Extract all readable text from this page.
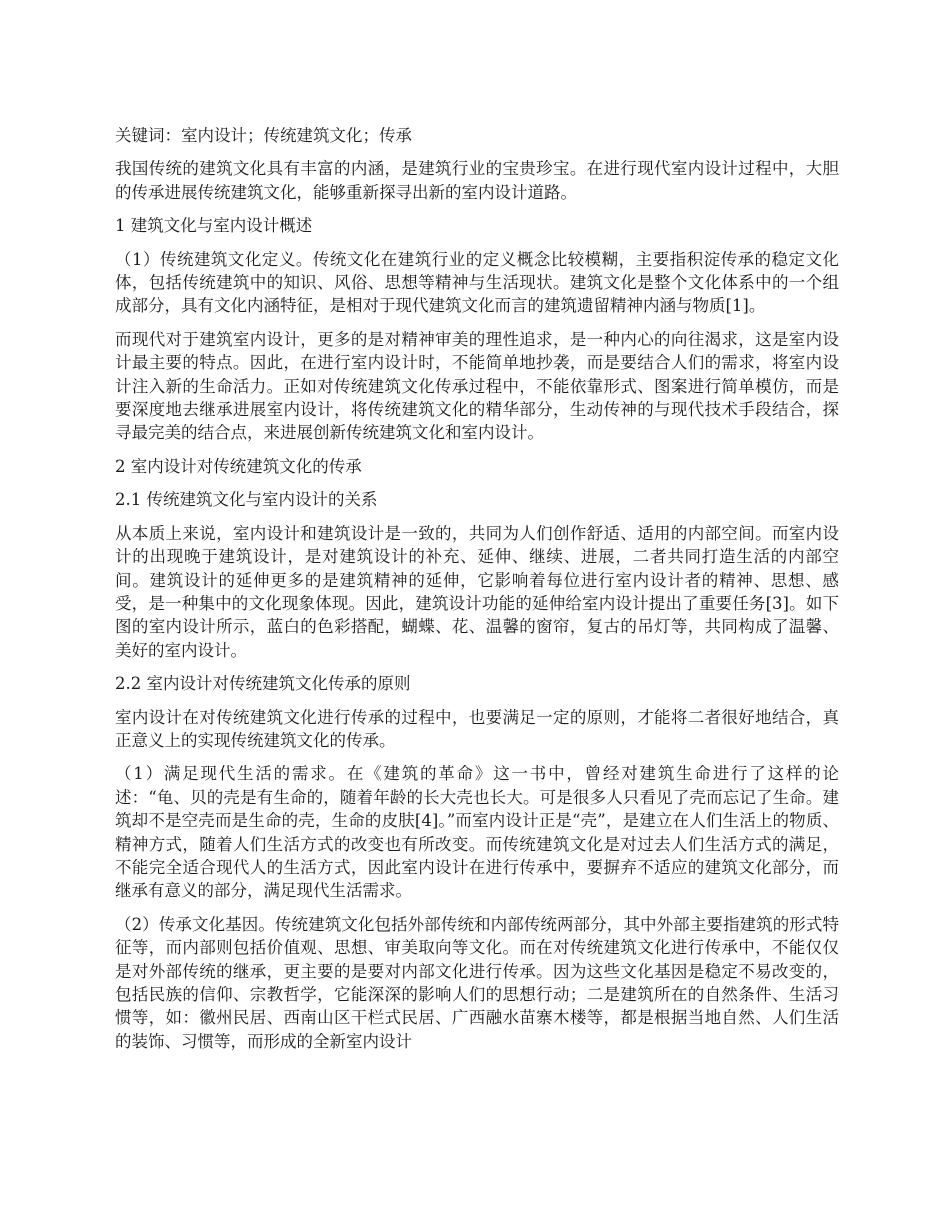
关键词：室内设计；传统建筑文化；传承

我国传统的建筑文化具有丰富的内涵，是建筑行业的宝贵珍宝。在进行现代室内设计过程中，大胆的传承进展传统建筑文化，能够重新探寻出新的室内设计道路。

1 建筑文化与室内设计概述

（1）传统建筑文化定义。传统文化在建筑行业的定义概念比较模糊，主要指积淀传承的稳定文化体，包括传统建筑中的知识、风俗、思想等精神与生活现状。建筑文化是整个文化体系中的一个组成部分，具有文化内涵特征，是相对于现代建筑文化而言的建筑遗留精神内涵与物质[1]。

而现代对于建筑室内设计，更多的是对精神审美的理性追求，是一种内心的向往渴求，这是室内设计最主要的特点。因此，在进行室内设计时，不能简单地抄袭，而是要结合人们的需求，将室内设计注入新的生命活力。正如对传统建筑文化传承过程中，不能依靠形式、图案进行简单模仿，而是要深度地去继承进展室内设计，将传统建筑文化的精华部分，生动传神的与现代技术手段结合，探寻最完美的结合点，来进展创新传统建筑文化和室内设计。

2 室内设计对传统建筑文化的传承

2.1 传统建筑文化与室内设计的关系

从本质上来说，室内设计和建筑设计是一致的，共同为人们创作舒适、适用的内部空间。而室内设计的出现晚于建筑设计，是对建筑设计的补充、延伸、继续、进展，二者共同打造生活的内部空间。建筑设计的延伸更多的是建筑精神的延伸，它影响着每位进行室内设计者的精神、思想、感受，是一种集中的文化现象体现。因此，建筑设计功能的延伸给室内设计提出了重要任务[3]。如下图的室内设计所示，蓝白的色彩搭配，蝴蝶、花、温馨的窗帘，复古的吊灯等，共同构成了温馨、美好的室内设计。

2.2 室内设计对传统建筑文化传承的原则

室内设计在对传统建筑文化进行传承的过程中，也要满足一定的原则，才能将二者很好地结合，真正意义上的实现传统建筑文化的传承。

（1）满足现代生活的需求。在《建筑的革命》这一书中，曾经对建筑生命进行了这样的论述：“龟、贝的壳是有生命的，随着年龄的长大壳也长大。可是很多人只看见了壳而忘记了生命。建筑却不是空壳而是生命的壳，生命的皮肤[4]。”而室内设计正是“壳”，是建立在人们生活上的物质、精神方式，随着人们生活方式的改变也有所改变。而传统建筑文化是对过去人们生活方式的满足，不能完全适合现代人的生活方式，因此室内设计在进行传承中，要摒弃不适应的建筑文化部分，而继承有意义的部分，满足现代生活需求。

（2）传承文化基因。传统建筑文化包括外部传统和内部传统两部分，其中外部主要指建筑的形式特征等，而内部则包括价值观、思想、审美取向等文化。而在对传统建筑文化进行传承中，不能仅仅是对外部传统的继承，更主要的是要对内部文化进行传承。因为这些文化基因是稳定不易改变的，包括民族的信仰、宗教哲学，它能深深的影响人们的思想行动；二是建筑所在的自然条件、生活习惯等，如：徽州民居、西南山区干栏式民居、广西融水苗寨木楼等，都是根据当地自然、人们生活的装饰、习惯等，而形成的全新室内设计
